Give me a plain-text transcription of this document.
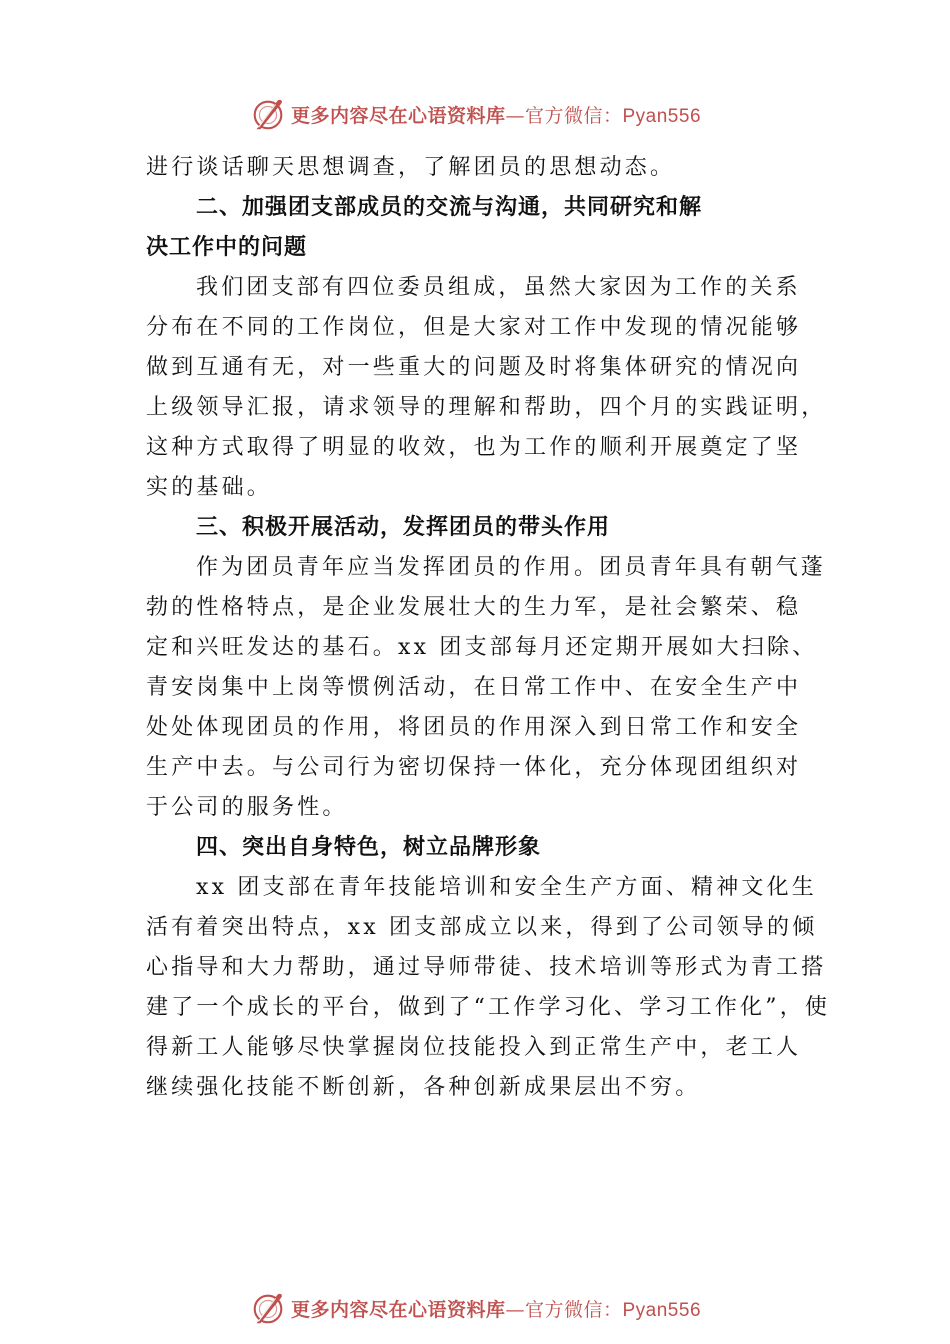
更多内容尽在心语资料库—官方微信：Pyan556
进行谈话聊天思想调查，了解团员的思想动态。
二、加强团支部成员的交流与沟通，共同研究和解
决工作中的问题
我们团支部有四位委员组成，虽然大家因为工作的关系
分布在不同的工作岗位，但是大家对工作中发现的情况能够
做到互通有无，对一些重大的问题及时将集体研究的情况向
上级领导汇报，请求领导的理解和帮助，四个月的实践证明，
这种方式取得了明显的收效，也为工作的顺利开展奠定了坚
实的基础。
三、积极开展活动，发挥团员的带头作用
作为团员青年应当发挥团员的作用。团员青年具有朝气蓬
勃的性格特点，是企业发展壮大的生力军，是社会繁荣、稳
定和兴旺发达的基石。xx 团支部每月还定期开展如大扫除、
青安岗集中上岗等惯例活动，在日常工作中、在安全生产中
处处体现团员的作用，将团员的作用深入到日常工作和安全
生产中去。与公司行为密切保持一体化，充分体现团组织对
于公司的服务性。
四、突出自身特色，树立品牌形象
xx 团支部在青年技能培训和安全生产方面、精神文化生
活有着突出特点，xx 团支部成立以来，得到了公司领导的倾
心指导和大力帮助，通过导师带徒、技术培训等形式为青工搭
建了一个成长的平台，做到了“工作学习化、学习工作化”，使
得新工人能够尽快掌握岗位技能投入到正常生产中，老工人
继续强化技能不断创新，各种创新成果层出不穷。
更多内容尽在心语资料库—官方微信：Pyan556
